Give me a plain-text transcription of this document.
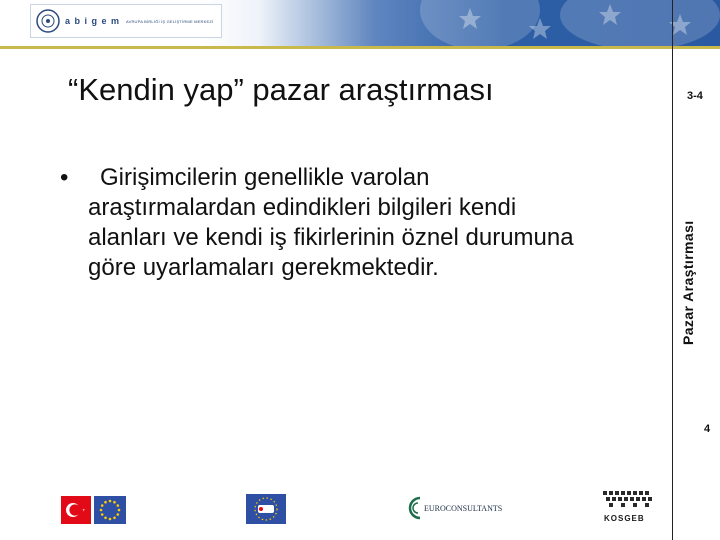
a b i g e m AVRUPA BİRLİĞİ İŞ GELİŞTİRME MERKEZİ
“Kendin yap” pazar araştırması	3-4
•	Girişimcilerin genellikle varolan araştırmalardan edindikleri bilgileri kendi alanları ve kendi iş fikirlerinin öznel durumuna göre uyarlamaları gerekmektedir.	Pazar Araştırması
4
EUROCONSULTANTS
KOSGEB
